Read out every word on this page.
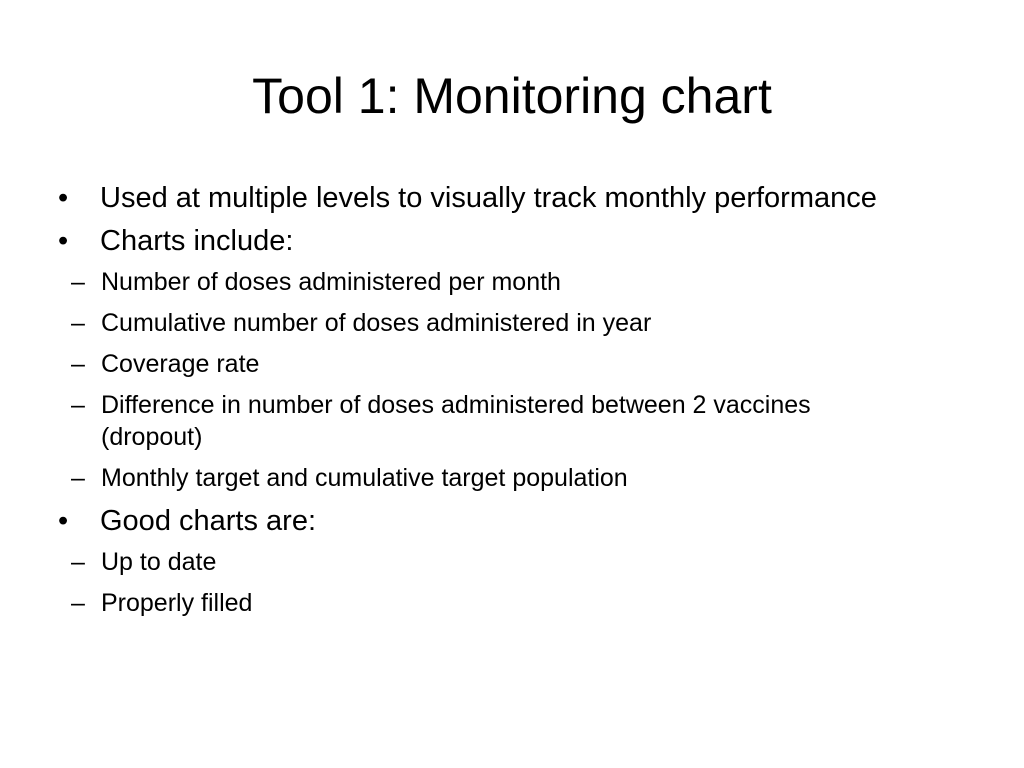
Tool 1: Monitoring chart
•	Used at multiple levels to visually track monthly performance
•	Charts include:
– Number of doses administered per month
– Cumulative number of doses administered in year
– Coverage rate
– Difference in number of doses administered between 2 vaccines (dropout)
– Monthly target and cumulative target population
•	Good charts are:
– Up to date
– Properly filled
